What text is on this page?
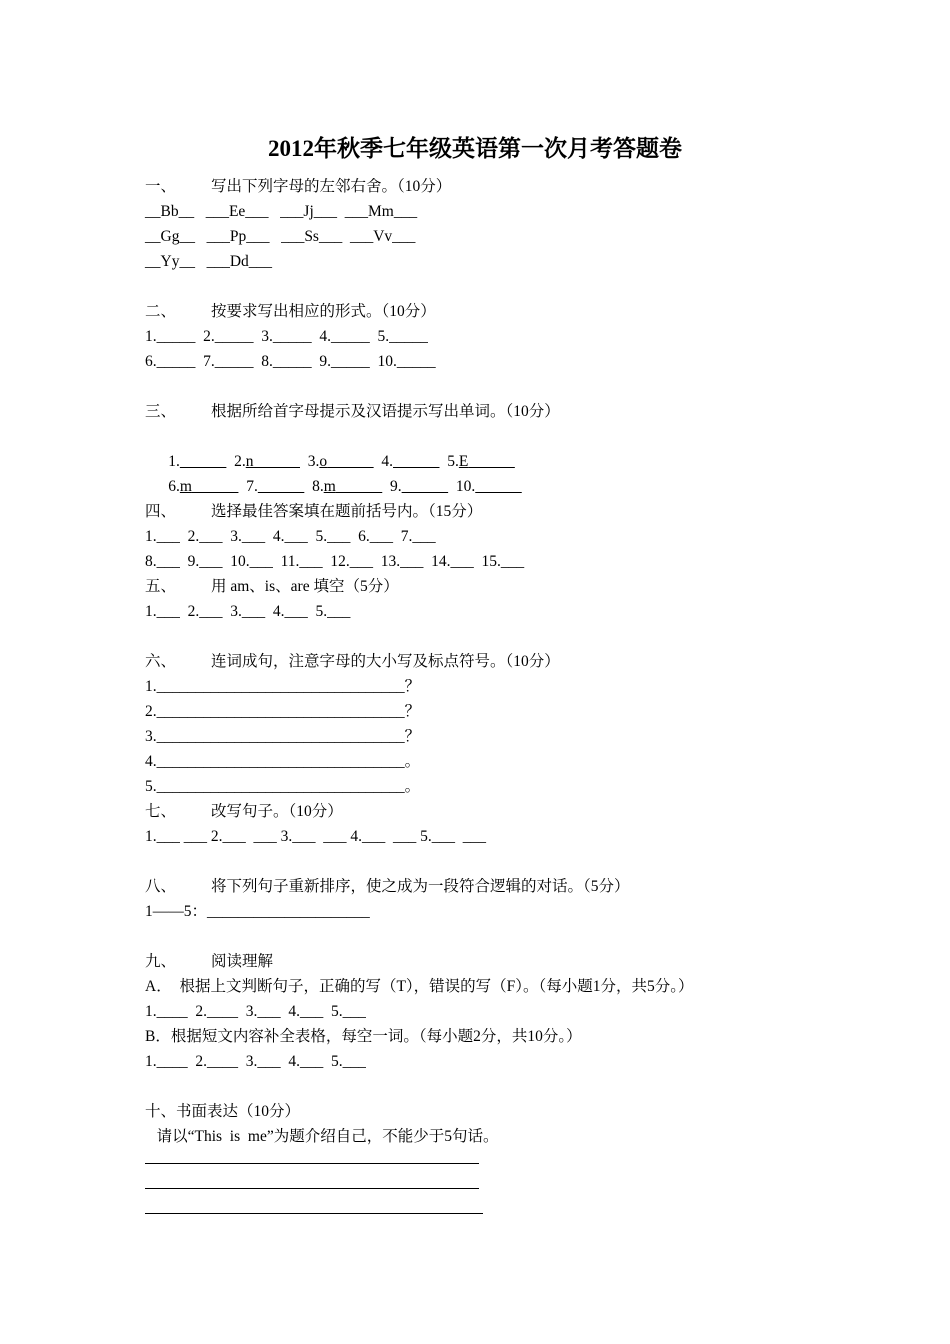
2012年秋季七年级英语第一次月考答题卷
一、 写出下列字母的左邻右舍。（10分）
__Bb__   ___Ee___   ___Jj___  ___Mm___
__Gg__   ___Pp___   ___Ss___  ___Vv___
__Yy__   ___Dd___
二、 按要求写出相应的形式。（10分）
1._____  2._____  3._____  4._____  5._____
6._____  7._____  8._____  9._____  10._____
三、 根据所给首字母提示及汉语提示写出单词。（10分）

1.	2.n	3.o	4.	5.E

6.m	7.	8.m	9.	10.

四、 选择最佳答案填在题前括号内。（15分）
1.___  2.___  3.___  4.___  5.___  6.___  7.___
8.___  9.___  10.___  11.___  12.___  13.___  14.___  15.___
五、 用 am、is、are 填空（5分）
1.___  2.___  3.___  4.___  5.___
六、 连词成句，注意字母的大小写及标点符号。（10分）
1.________________________________？
2.________________________________？
3.________________________________？
4.________________________________。
5.________________________________。
七、 改写句子。（10分）
1.___ ___ 2.___  ___ 3.___  ___ 4.___  ___ 5.___  ___
八、 将下列句子重新排序，使之成为一段符合逻辑的对话。（5分）
1——5：_____________________
九、 阅读理解
A．  根据上文判断句子，正确的写（T），错误的写（F）。（每小题1分，共5分。）
1.____  2.____  3.___  4.___  5.___
B．根据短文内容补全表格，每空一词。（每小题2分，共10分。）
1.____  2.____  3.___  4.___  5.___
十、书面表达（10分）
请以“This  is  me”为题介绍自己，不能少于5句话。
